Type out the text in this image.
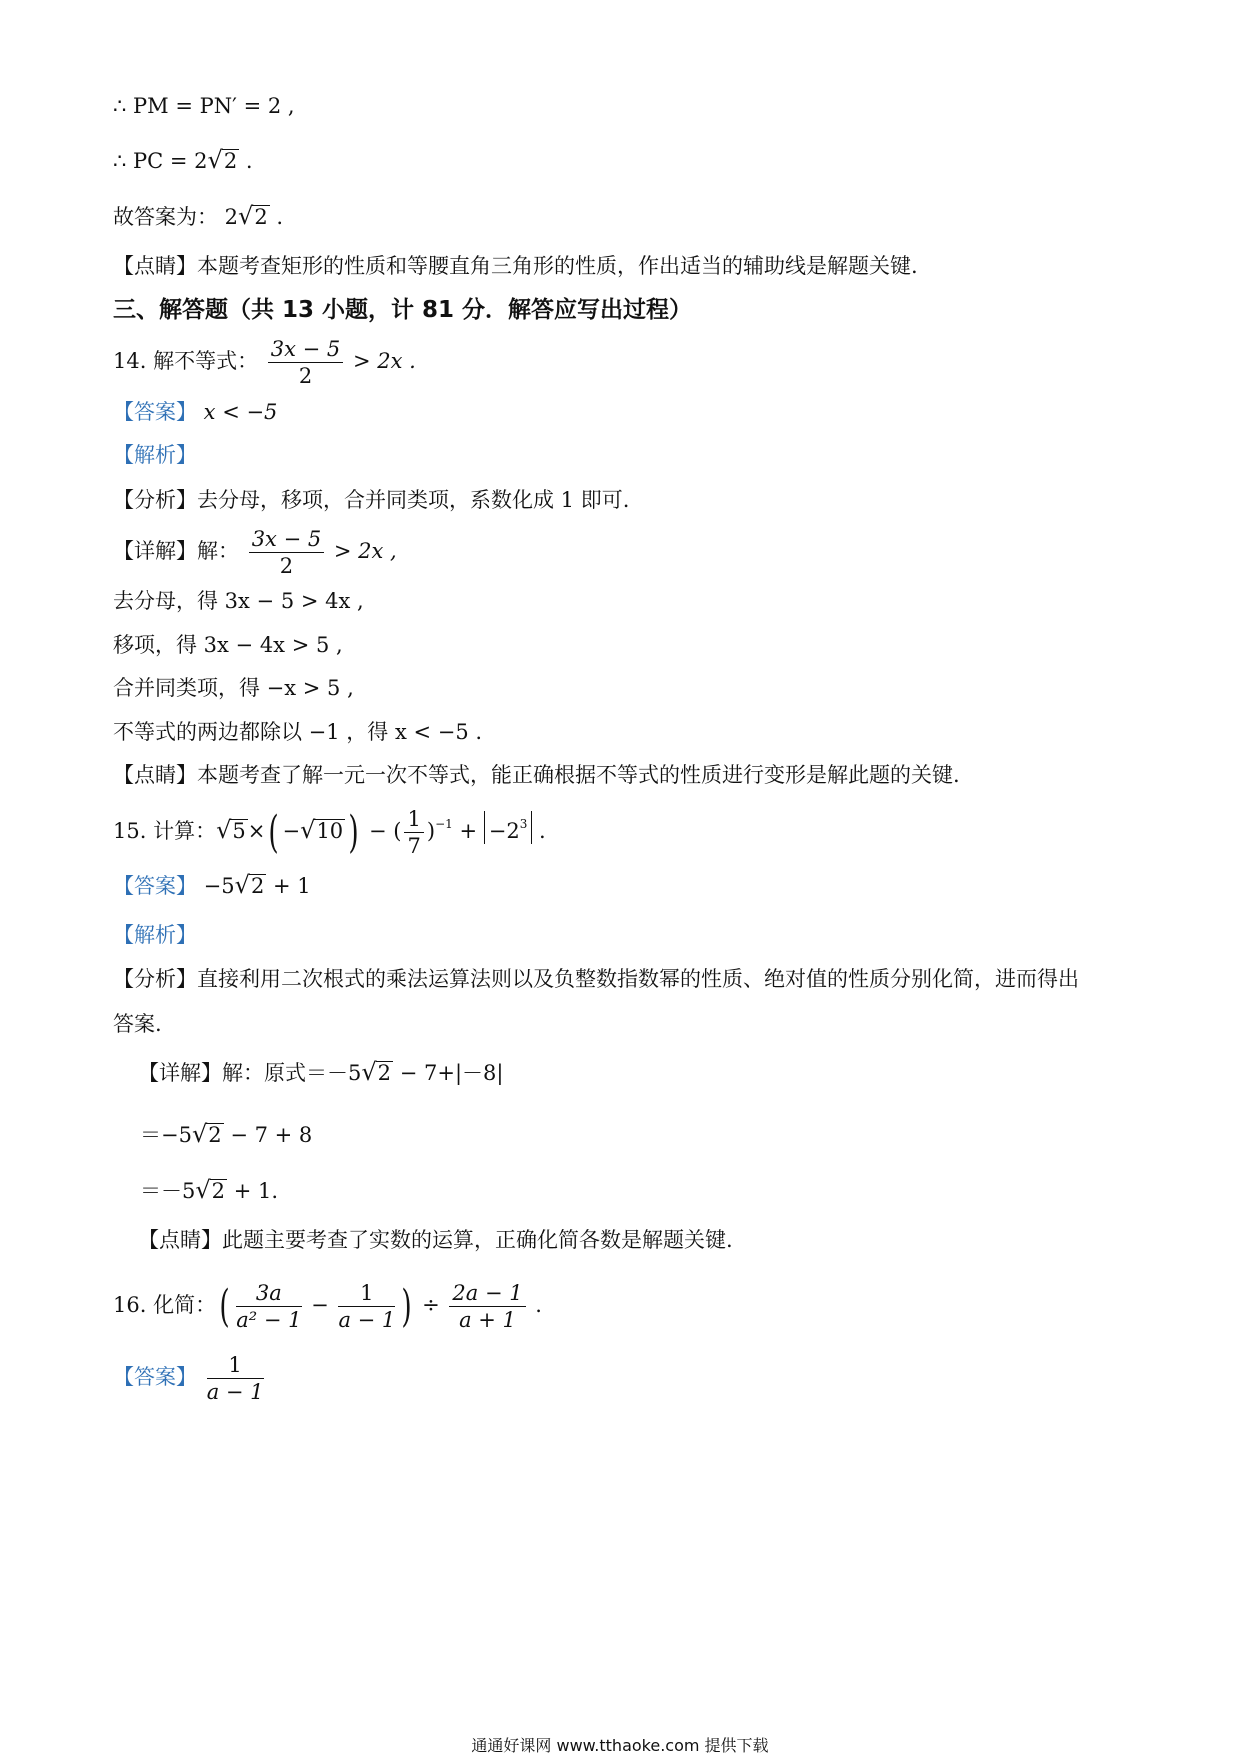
∴ PM = PN′ = 2 ,
∴ PC = 2√2 .
故答案为： 2√2 .
【点睛】本题考查矩形的性质和等腰直角三角形的性质，作出适当的辅助线是解题关键.
三、解答题（共 13 小题，计 81 分．解答应写出过程）
14. 解不等式： $\frac{3x - 5}{2} > 2x$ .
【答案】 x < −5
【解析】
【分析】去分母，移项，合并同类项，系数化成 1 即可.
【详解】解： $\frac{3x - 5}{2} > 2x$ ,
去分母，得 3x − 5 > 4x ,
移项，得 3x − 4x > 5 ,
合并同类项，得 −x > 5 ,
不等式的两边都除以 −1 ，得 x < −5 .
【点睛】本题考查了解一元一次不等式，能正确根据不等式的性质进行变形是解此题的关键.
15. 计算：√5×( −√10 ) − ( $\frac{1}{7} )^{-1} + -2^3$ .
【答案】 −5√2 + 1
【解析】
【分析】直接利用二次根式的乘法运算法则以及负整数指数幂的性质、绝对值的性质分别化简，进而得出
答案.
【详解】解：原式＝－5√2 − 7+|－8|
＝−5√2 − 7 + 8
＝－5√2 + 1.
【点睛】此题主要考查了实数的运算，正确化简各数是解题关键.
16. 化简：( $\frac{3a}{\text{a² − 1}} - \frac{1}{a - 1}$ ) ÷ $\frac{2a - 1}{a + 1}$ .
【答案】 $\frac{1}{a - 1}$
通通好课网 www.tthaoke.com 提供下载
